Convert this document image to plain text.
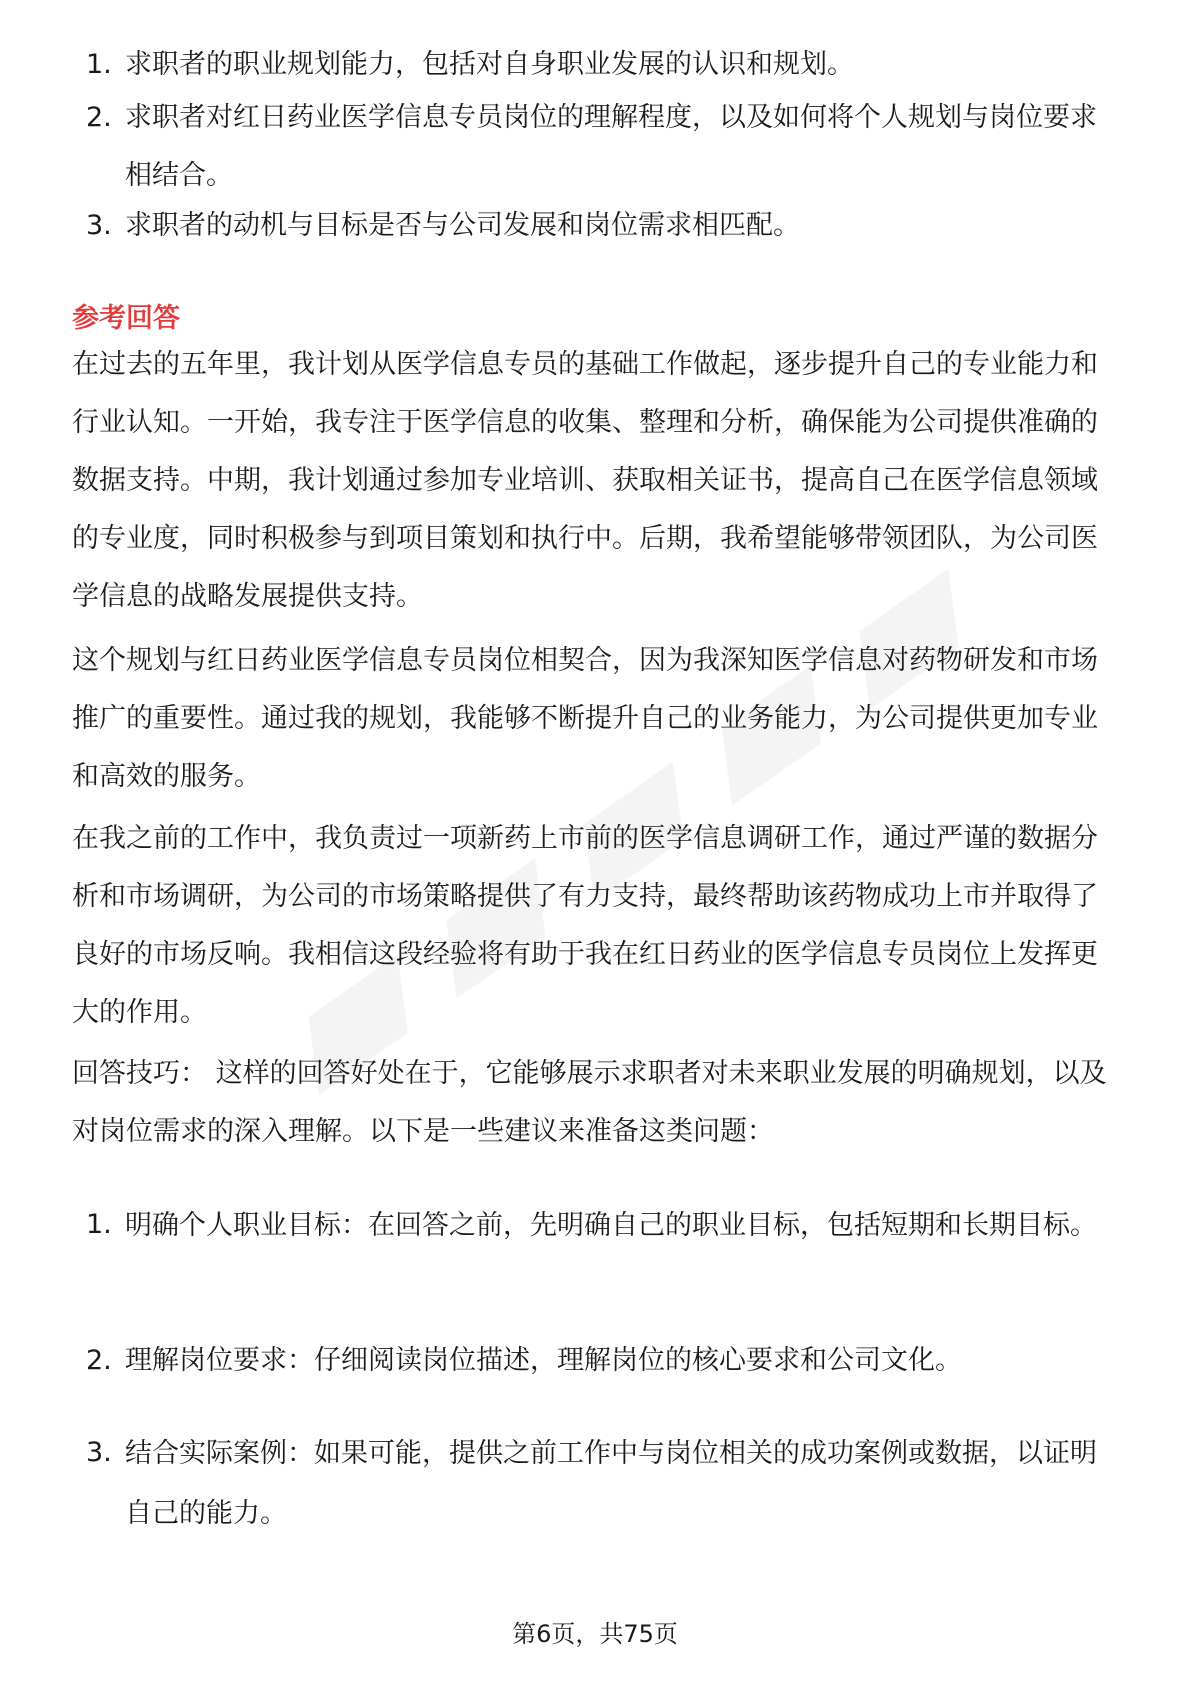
1. 求职者的职业规划能力，包括对自身职业发展的认识和规划。
2. 求职者对红日药业医学信息专员岗位的理解程度，以及如何将个人规划与岗位要求相结合。
3. 求职者的动机与目标是否与公司发展和岗位需求相匹配。
参考回答
在过去的五年里，我计划从医学信息专员的基础工作做起，逐步提升自己的专业能力和行业认知。一开始，我专注于医学信息的收集、整理和分析，确保能为公司提供准确的数据支持。中期，我计划通过参加专业培训、获取相关证书，提高自己在医学信息领域的专业度，同时积极参与到项目策划和执行中。后期，我希望能够带领团队，为公司医学信息的战略发展提供支持。
这个规划与红日药业医学信息专员岗位相契合，因为我深知医学信息对药物研发和市场推广的重要性。通过我的规划，我能够不断提升自己的业务能力，为公司提供更加专业和高效的服务。
在我之前的工作中，我负责过一项新药上市前的医学信息调研工作，通过严谨的数据分析和市场调研，为公司的市场策略提供了有力支持，最终帮助该药物成功上市并取得了良好的市场反响。我相信这段经验将有助于我在红日药业的医学信息专员岗位上发挥更大的作用。
回答技巧： 这样的回答好处在于，它能够展示求职者对未来职业发展的明确规划，以及对岗位需求的深入理解。以下是一些建议来准备这类问题：
1. 明确个人职业目标：在回答之前，先明确自己的职业目标，包括短期和长期目标。
2. 理解岗位要求：仔细阅读岗位描述，理解岗位的核心要求和公司文化。
3. 结合实际案例：如果可能，提供之前工作中与岗位相关的成功案例或数据，以证明自己的能力。
第6页，共75页
